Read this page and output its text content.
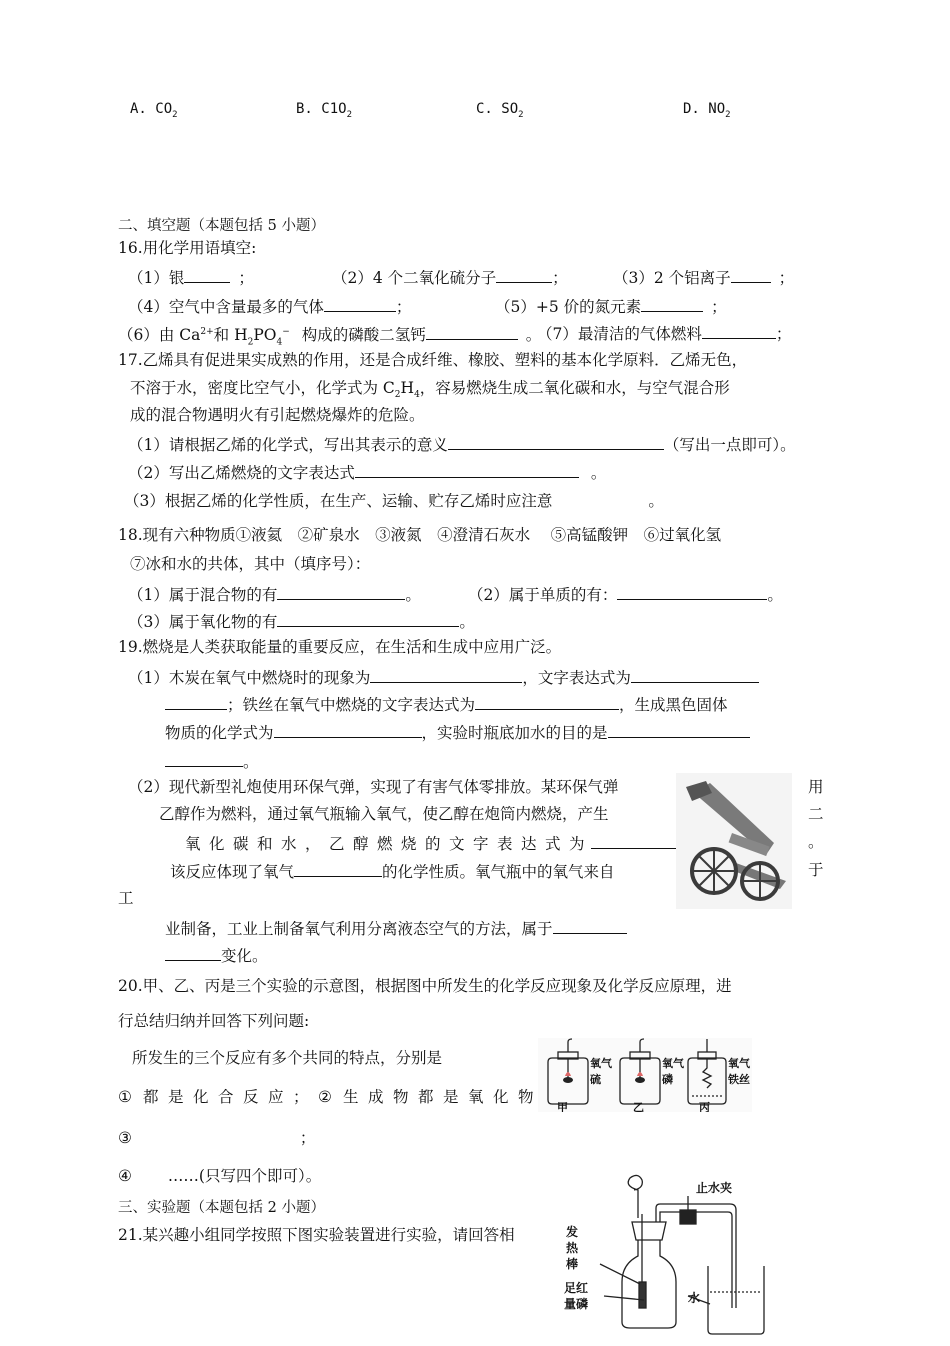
A. $CO_2$	B. $C1O_2$	C. $SO_2$	D. $NO_2$
二、填空题（本题包括 5 小题）
16.用化学用语填空:
（1）银	；	（2）4 个二氧化硫分子	；	（3）2 个铝离子	；
（4）空气中含量最多的气体	；	（5）+5 价的氮元素	；
（6）由 $Ca^{2+}$和 $H_2PO_4^-$ 构成的磷酸二氢钙	。
（7）最清洁的气体燃料	；
17.乙烯具有促进果实成熟的作用，还是合成纤维、橡胶、塑料的基本化学原料．乙烯无色，
不溶于水，密度比空气小，化学式为 $C_2H_4$，容易燃烧生成二氧化碳和水，与空气混合形
成的混合物遇明火有引起燃烧爆炸的危险。
（1）请根据乙烯的化学式，写出其表示的意义	（写出一点即可）。
（2）写出乙烯燃烧的文字表达式	。
（3）根据乙烯的化学性质，在生产、运输、贮存乙烯时应注意	。
18.现有六种物质①液氦　②矿泉水　③液氮　④澄清石灰水　 ⑤高锰酸钾　⑥过氧化氢
⑦冰和水的共体，其中（填序号）：
（1）属于混合物的有	。	（2）属于单质的有：	。
（3）属于氧化物的有	。
19.燃烧是人类获取能量的重要反应，在生活和生成中应用广泛。
（1）木炭在氧气中燃烧时的现象为	，文字表达式为
；铁丝在氧气中燃烧的文字表达式为	，生成黑色固体
物质的化学式为	，实验时瓶底加水的目的是
。
（2）现代新型礼炮使用环保气弹，实现了有害气体零排放。某环保气弹	用
乙醇作为燃料，通过氧气瓶输入氧气，使乙醇在炮筒内燃烧，产生	二
氧 化 碳 和 水 ， 乙 醇 燃 烧 的 文 字 表 达 式 为	。
该反应体现了氧气	的化学性质。氧气瓶中的氧气来自	于
工
业制备，工业上制备氧气利用分离液态空气的方法，属于
变化。
20.甲、乙、丙是三个实验的示意图，根据图中所发生的化学反应现象及化学反应原理，进
行总结归纳并回答下列问题:
所发生的三个反应有多个共同的特点，分别是
① 都 是 化 合 反 应 ； ② 生 成 物 都 是 氧 化 物
③	；
④ ……(只写四个即可）。
氧气
硫
氧气
磷
氧气
铁丝
甲	乙	丙
三、实验题（本题包括 2 小题）
21.某兴趣小组同学按照下图实验装置进行实验，请回答相
止水夹
发
热
棒
足红
量磷	水
